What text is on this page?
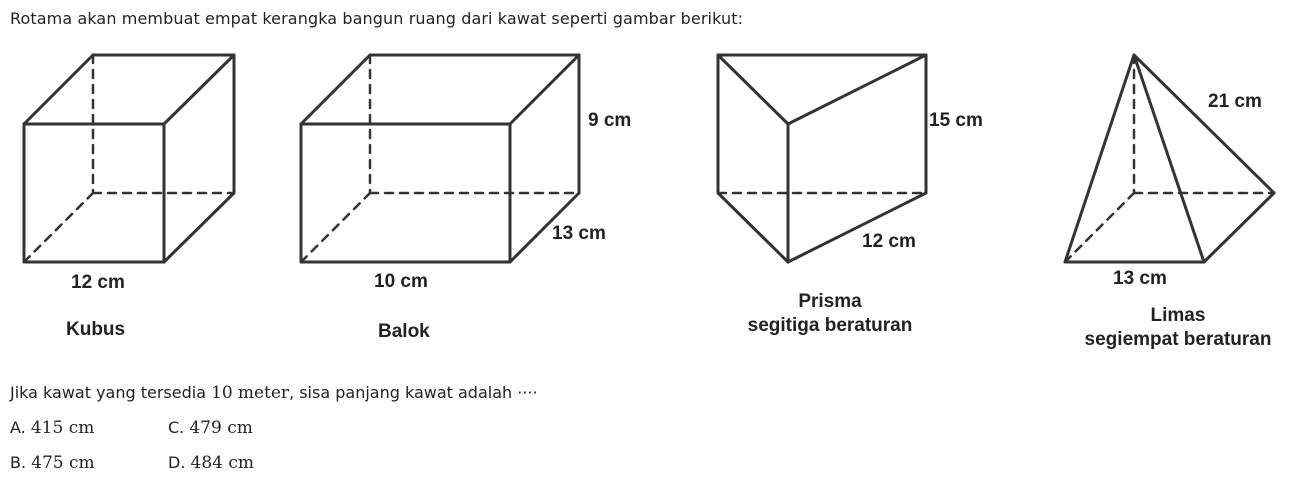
Rotama akan membuat empat kerangka bangun ruang dari kawat seperti gambar berikut:
12 cm
Kubus
9 cm
13 cm
10 cm
Balok
15 cm
12 cm
Prisma
segitiga beraturan
21 cm
13 cm
Limas
segiempat beraturan
Jika kawat yang tersedia 10 meter, sisa panjang kawat adalah ····
A. 415 cm	C. 479 cm
B. 475 cm	D. 484 cm
